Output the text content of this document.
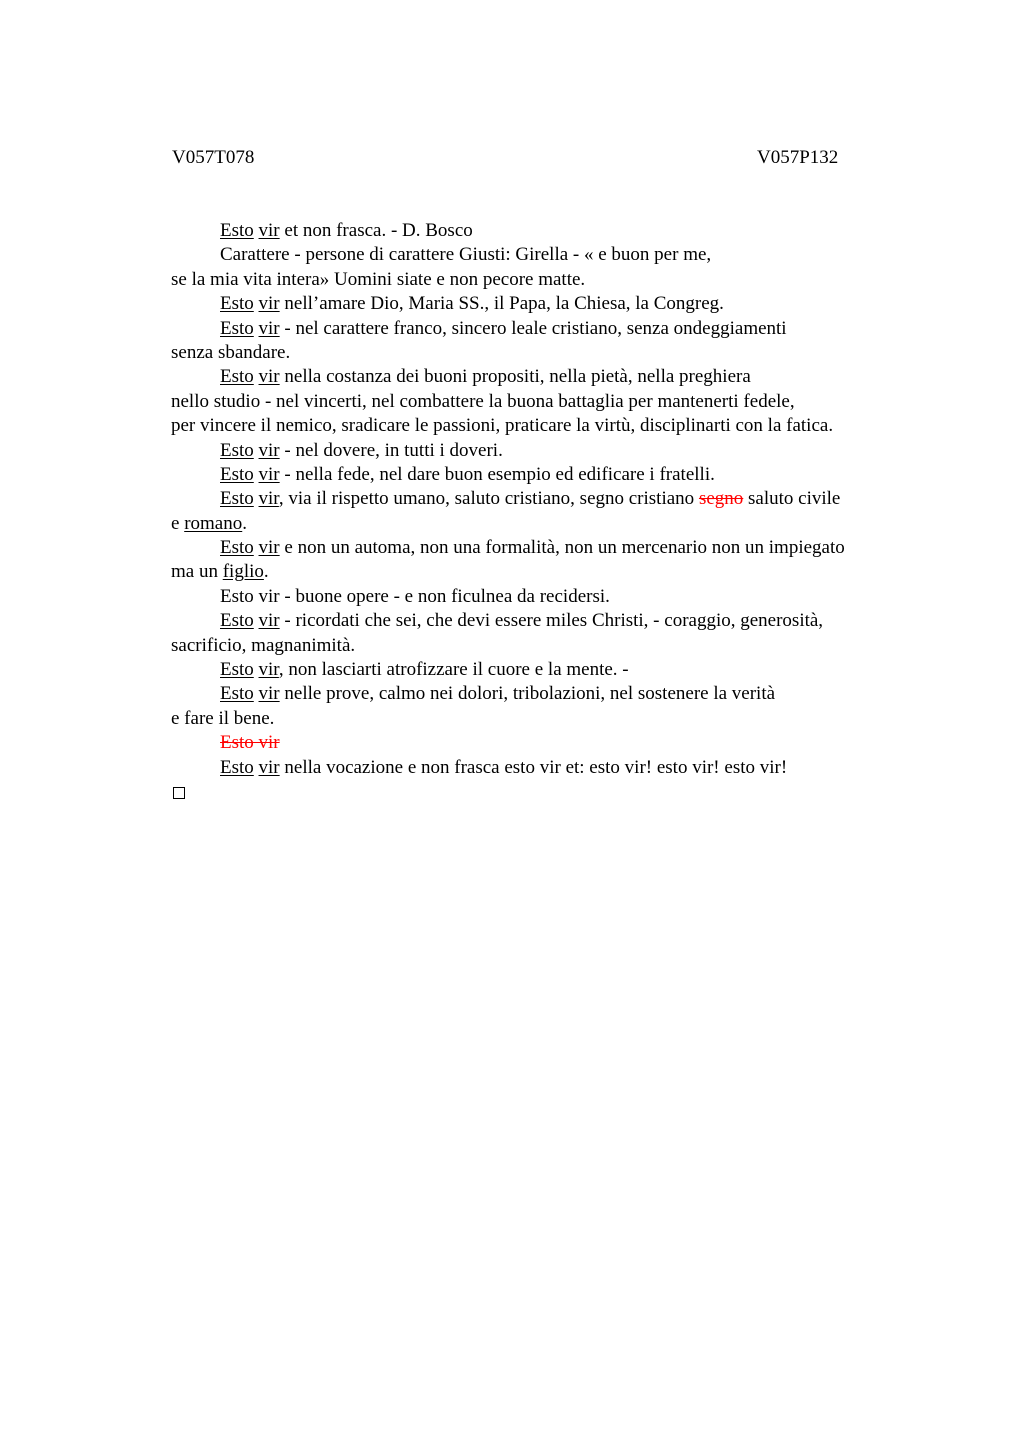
V057T078	V057P132
Esto vir et non frasca. - D. Bosco
Carattere - persone di carattere Giusti: Girella - « e buon per me,
se la mia vita intera» Uomini siate e non pecore matte.
Esto vir nell’amare Dio, Maria SS., il Papa, la Chiesa, la Congreg.
Esto vir - nel carattere franco, sincero leale cristiano, senza ondeggiamenti
senza sbandare.
Esto vir nella costanza dei buoni propositi, nella pietà, nella preghiera
nello studio - nel vincerti, nel combattere la buona battaglia per mantenerti fedele,
per vincere il nemico, sradicare le passioni, praticare la virtù, disciplinarti con la fatica.
Esto vir - nel dovere, in tutti i doveri.
Esto vir - nella fede, nel dare buon esempio ed edificare i fratelli.
Esto vir, via il rispetto umano, saluto cristiano, segno cristiano segno saluto civile
e romano.
Esto vir e non un automa, non una formalità, non un mercenario non un impiegato
ma un figlio.
Esto vir - buone opere - e non ficulnea da recidersi.
Esto vir - ricordati che sei, che devi essere miles Christi, - coraggio, generosità,
sacrificio, magnanimità.
Esto vir, non lasciarti atrofizzare il cuore e la mente. -
Esto vir nelle prove, calmo nei dolori, tribolazioni, nel sostenere la verità
e fare il bene.
Esto vir
Esto vir nella vocazione e non frasca esto vir et: esto vir! esto vir! esto vir!
